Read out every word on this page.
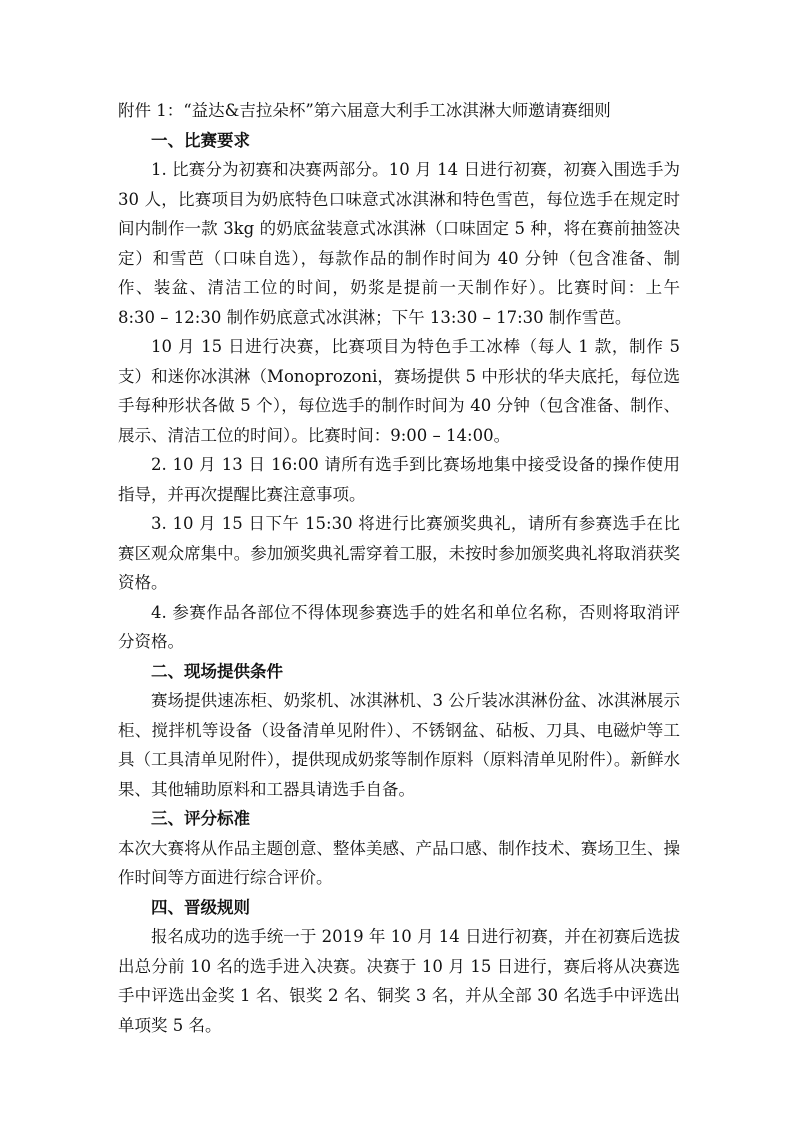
附件 1：“益达&吉拉朵杯”第六届意大利手工冰淇淋大师邀请赛细则
一、比赛要求

1. 比赛分为初赛和决赛两部分。10 月 14 日进行初赛，初赛入围选手为 30 人，比赛项目为奶底特色口味意式冰淇淋和特色雪芭，每位选手在规定时间内制作一款 3kg 的奶底盆装意式冰淇淋（口味固定 5 种，将在赛前抽签决定）和雪芭（口味自选），每款作品的制作时间为 40 分钟（包含准备、制作、装盆、清洁工位的时间，奶浆是提前一天制作好）。比赛时间：上午 8:30 – 12:30 制作奶底意式冰淇淋；下午 13:30 – 17:30 制作雪芭。

10 月 15 日进行决赛，比赛项目为特色手工冰棒（每人 1 款，制作 5 支）和迷你冰淇淋（Monoprozoni，赛场提供 5 中形状的华夫底托，每位选手每种形状各做 5 个），每位选手的制作时间为 40 分钟（包含准备、制作、展示、清洁工位的时间）。比赛时间：9:00 – 14:00。

2. 10 月 13 日 16:00 请所有选手到比赛场地集中接受设备的操作使用指导，并再次提醒比赛注意事项。

3. 10 月 15 日下午 15:30 将进行比赛颁奖典礼，请所有参赛选手在比赛区观众席集中。参加颁奖典礼需穿着工服，未按时参加颁奖典礼将取消获奖资格。

4. 参赛作品各部位不得体现参赛选手的姓名和单位名称，否则将取消评分资格。

二、现场提供条件

赛场提供速冻柜、奶浆机、冰淇淋机、3 公斤装冰淇淋份盆、冰淇淋展示柜、搅拌机等设备（设备清单见附件）、不锈钢盆、砧板、刀具、电磁炉等工具（工具清单见附件），提供现成奶浆等制作原料（原料清单见附件）。新鲜水果、其他辅助原料和工器具请选手自备。

三、评分标准

本次大赛将从作品主题创意、整体美感、产品口感、制作技术、赛场卫生、操作时间等方面进行综合评价。

四、晋级规则

报名成功的选手统一于 2019 年 10 月 14 日进行初赛，并在初赛后选拔出总分前 10 名的选手进入决赛。决赛于 10 月 15 日进行，赛后将从决赛选手中评选出金奖 1 名、银奖 2 名、铜奖 3 名，并从全部 30 名选手中评选出单项奖 5 名。
